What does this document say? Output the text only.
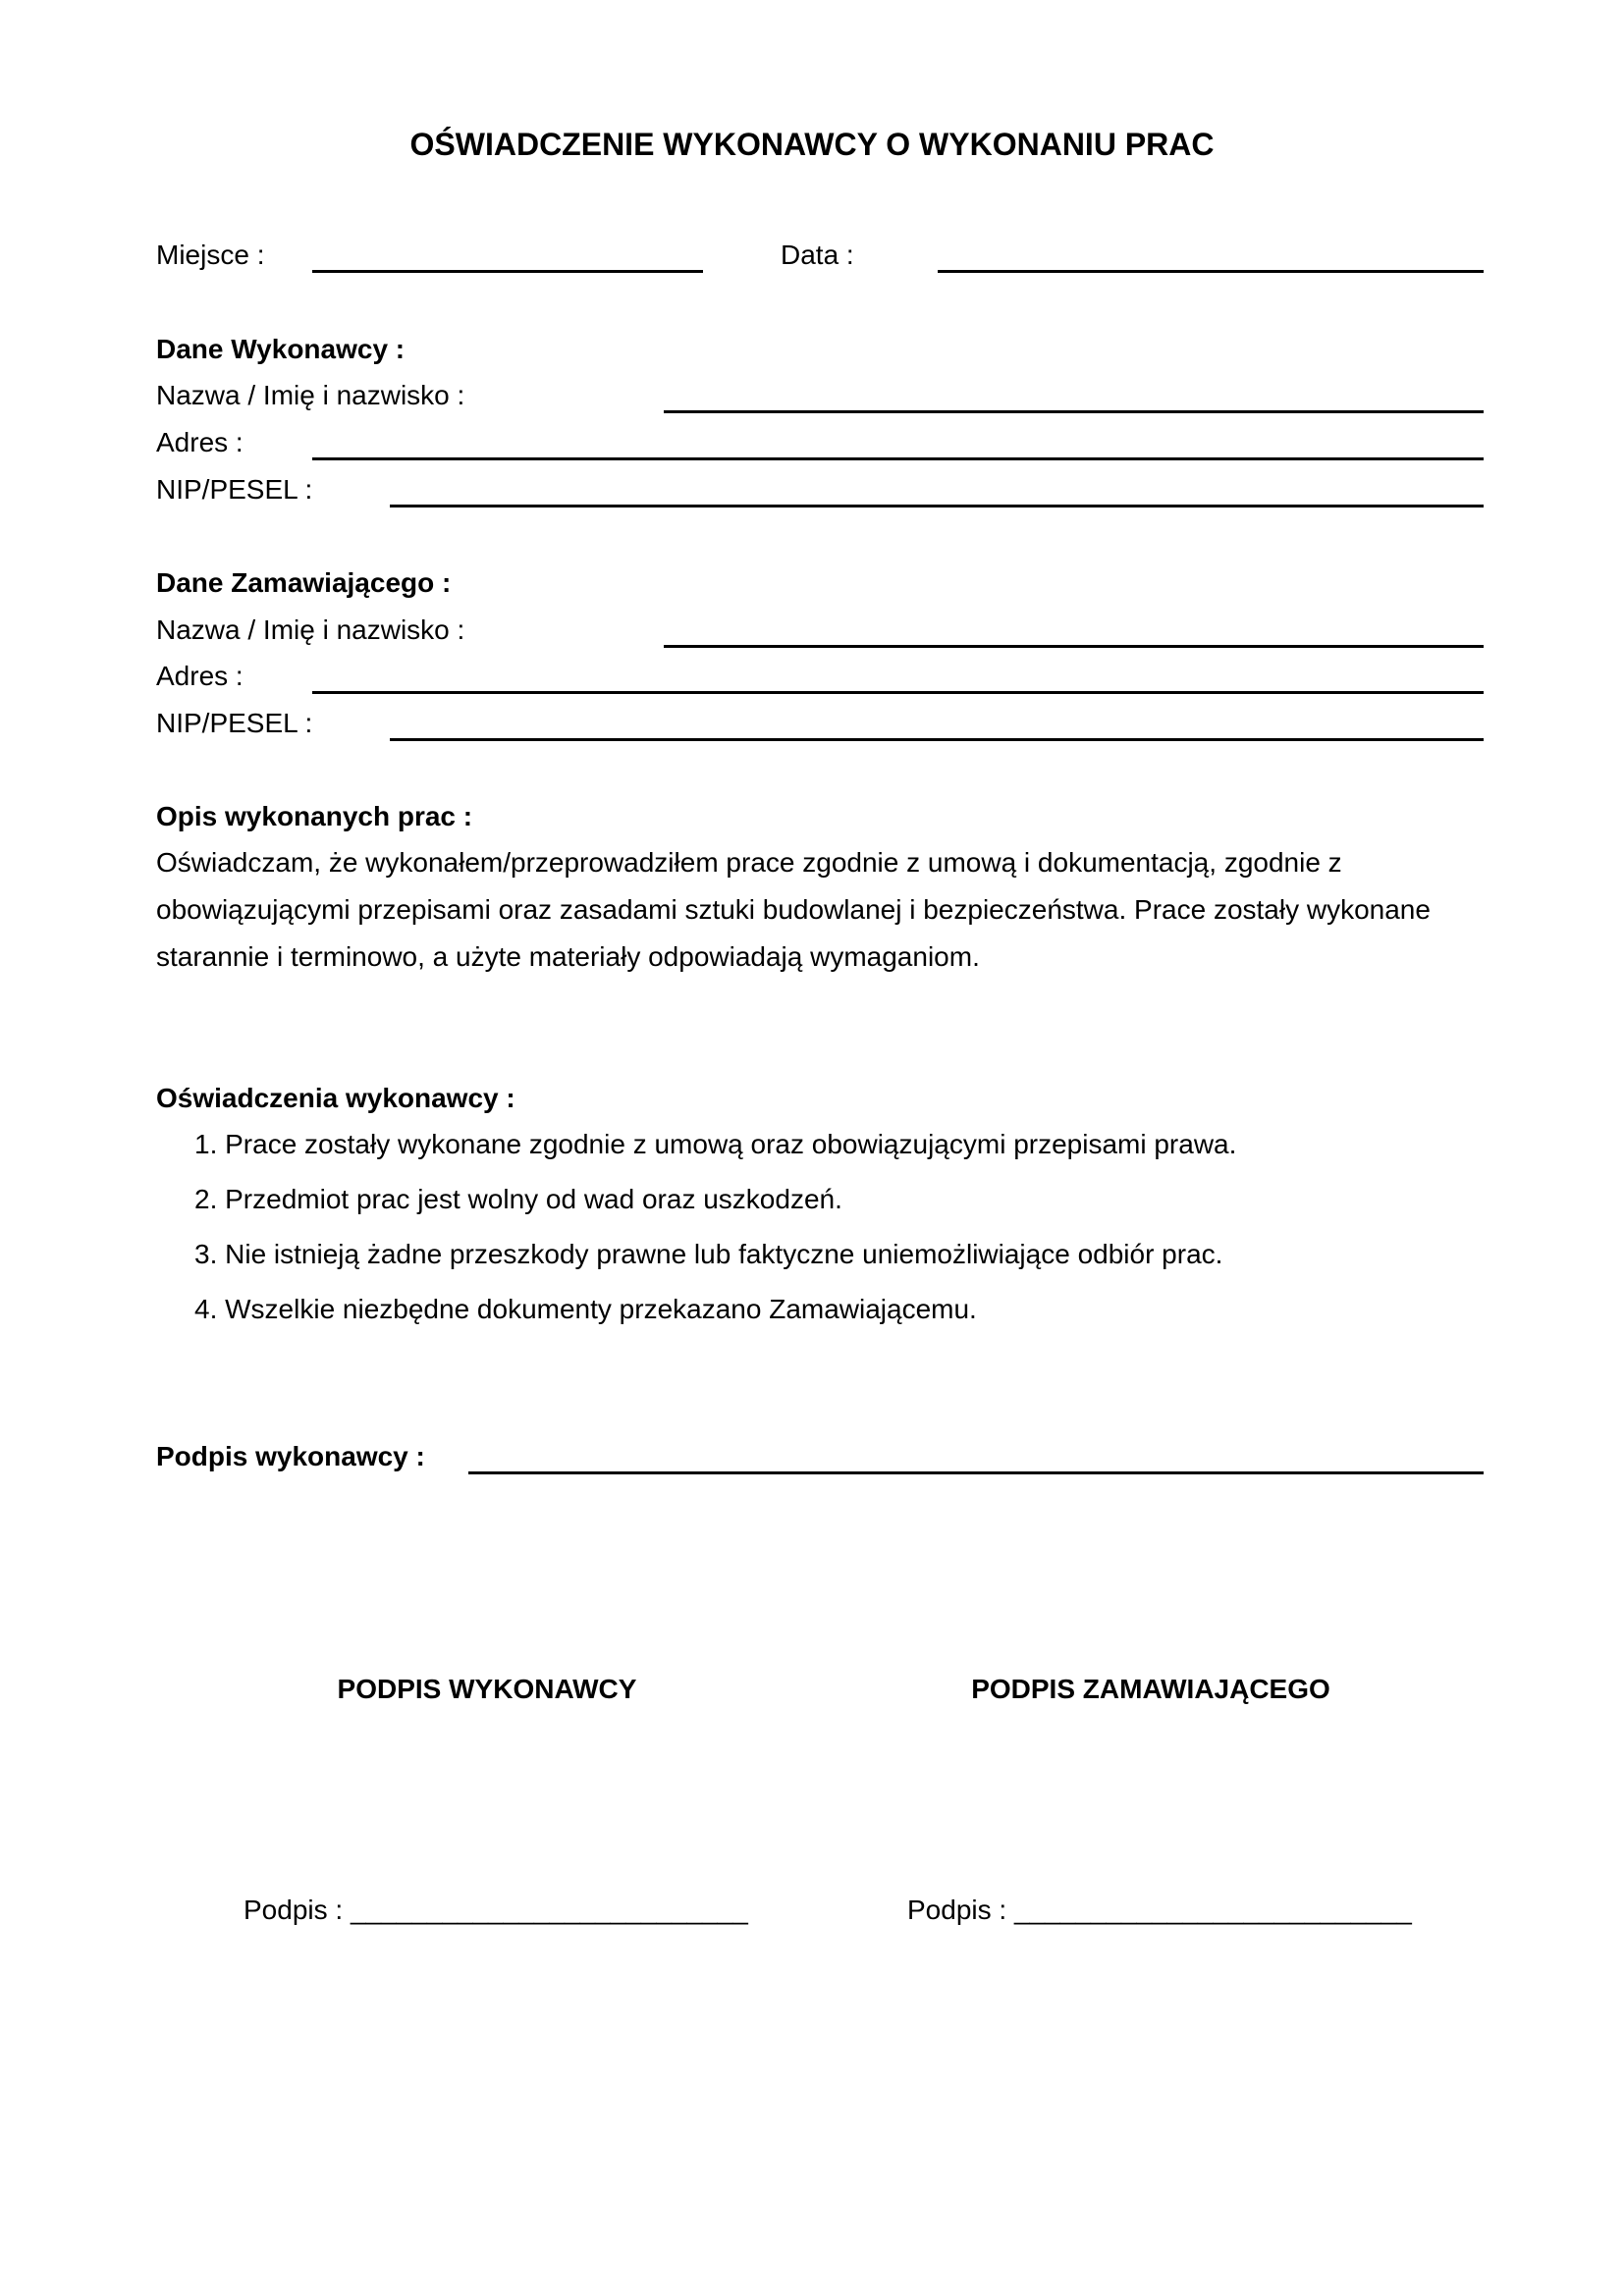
OŚWIADCZENIE WYKONAWCY O WYKONANIU PRAC
Miejsce :	Data :
Dane Wykonawcy :
Nazwa / Imię i nazwisko :
Adres :
NIP/PESEL :
Dane Zamawiającego :
Nazwa / Imię i nazwisko :
Adres :
NIP/PESEL :
Opis wykonanych prac :

Oświadczam, że wykonałem/przeprowadziłem prace zgodnie z umową i dokumentacją, zgodnie z

obowiązującymi przepisami oraz zasadami sztuki budowlanej i bezpieczeństwa. Prace zostały wykonane

starannie i terminowo, a użyte materiały odpowiadają wymaganiom.

Oświadczenia wykonawcy :
1. Prace zostały wykonane zgodnie z umową oraz obowiązującymi przepisami prawa.
2. Przedmiot prac jest wolny od wad oraz uszkodzeń.
3. Nie istnieją żadne przeszkody prawne lub faktyczne uniemożliwiające odbiór prac.
4. Wszelkie niezbędne dokumenty przekazano Zamawiającemu.
Podpis wykonawcy :
PODPIS WYKONAWCY	PODPIS ZAMAWIAJĄCEGO
Podpis : __________________________	Podpis : __________________________
